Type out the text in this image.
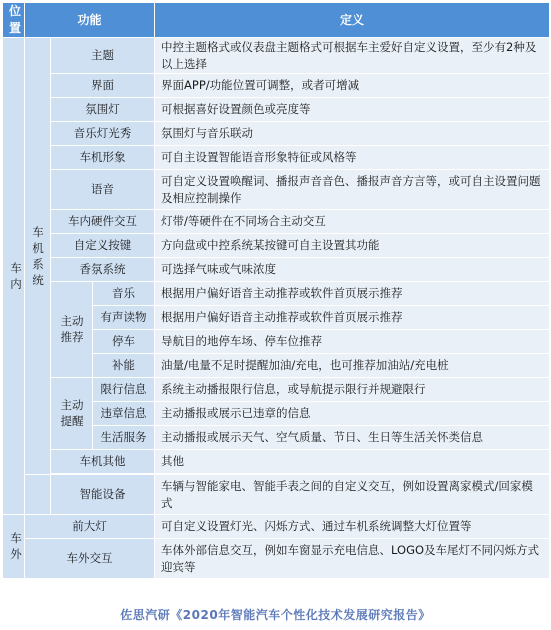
位置	功能			定义
车内	车机系统	主题		中控主题格式或仪表盘主题格式可根据车主爱好自定义设置，至少有2种及以上选择
		界面		界面APP/功能位置可调整，或者可增减
		氛围灯		可根据喜好设置颜色或亮度等
		音乐灯光秀		氛围灯与音乐联动
		车机形象		可自主设置智能语音形象特征或风格等
		语音		可自定义设置唤醒词、播报声音音色、播报声音方言等，或可自主设置问题及相应控制操作
		车内硬件交互		灯带/等硬件在不同场合主动交互
		自定义按键		方向盘或中控系统某按键可自主设置其功能
		香氛系统		可选择气味或气味浓度
		主动推荐	音乐	根据用户偏好语音主动推荐或软件首页展示推荐
			有声读物	根据用户偏好语音主动推荐或软件首页展示推荐
			停车	导航目的地停车场、停车位推荐
			补能	油量/电量不足时提醒加油/充电，也可推荐加油站/充电桩
		主动提醒	限行信息	系统主动播报限行信息，或导航提示限行并规避限行
			违章信息	主动播报或展示已违章的信息
			生活服务	主动播报或展示天气、空气质量、节日、生日等生活关怀类信息
		车机其他		其他

		智能设备		车辆与智能家电、智能手表之间的自定义交互，例如设置离家模式/回家模式
车外	前大灯			可自定义设置灯光、闪烁方式、通过车机系统调整大灯位置等
	车外交互			车体外部信息交互，例如车窗显示充电信息、LOGO及车尾灯不同闪烁方式迎宾等
佐思汽研《2020年智能汽车个性化技术发展研究报告》
